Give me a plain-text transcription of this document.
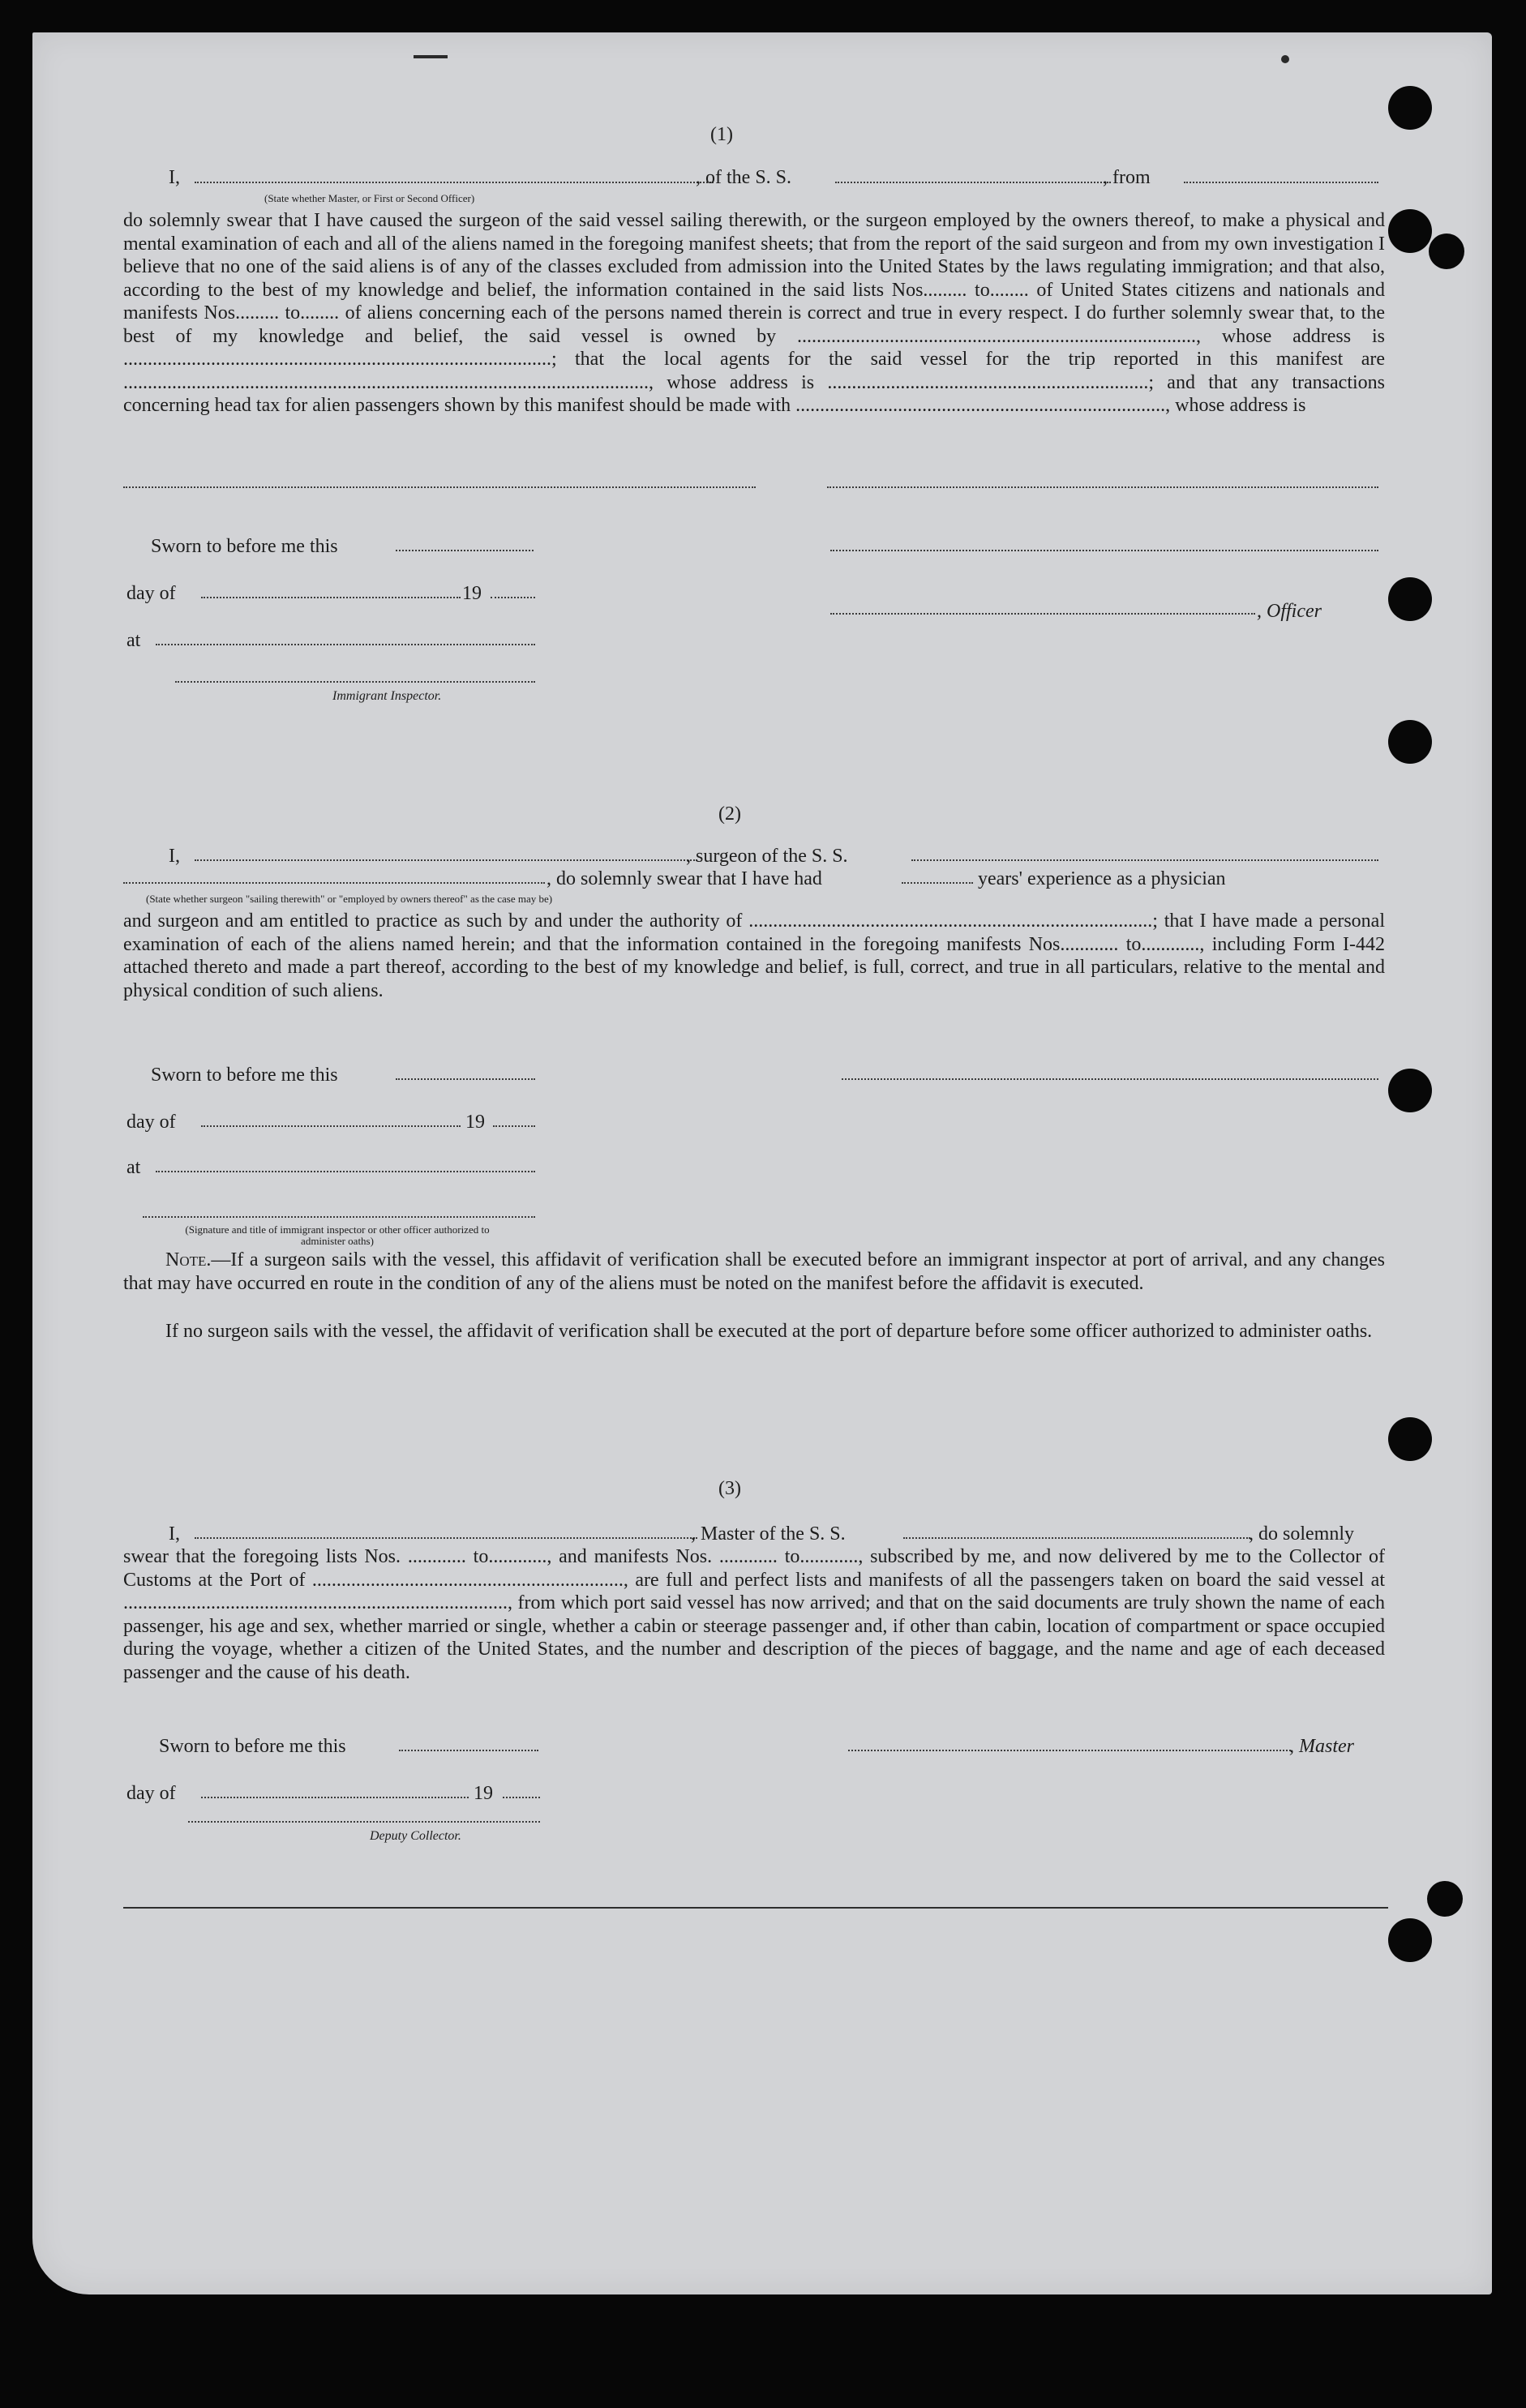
(1)
I,	, of the S. S.	, from
(State whether Master, or First or Second Officer)
do solemnly swear that I have caused the surgeon of the said vessel sailing therewith, or the surgeon employed by the owners thereof, to make a physical and mental examination of each and all of the aliens named in the foregoing manifest sheets; that from the report of the said surgeon and from my own investigation I believe that no one of the said aliens is of any of the classes excluded from admission into the United States by the laws regulating immigration; and that also, according to the best of my knowledge and belief, the information contained in the said lists Nos......... to........ of United States citizens and nationals and manifests Nos......... to........ of aliens concerning each of the persons named therein is correct and true in every respect. I do further solemnly swear that, to the best of my knowledge and belief, the said vessel is owned by .................................................................................., whose address is ........................................................................................; that the local agents for the said vessel for the trip reported in this manifest are ............................................................................................................, whose address is ..................................................................; and that any transactions concerning head tax for alien passengers shown by this manifest should be made with ............................................................................, whose address is
Sworn to before me this
day of	19
, Officer
at
Immigrant Inspector.
(2)
I,	, surgeon of the S. S.
, do solemnly swear that I have had	years' experience as a physician
(State whether surgeon "sailing therewith" or "employed by owners thereof" as the case may be)
and surgeon and am entitled to practice as such by and under the authority of ...................................................................................; that I have made a personal examination of each of the aliens named herein; and that the information contained in the foregoing manifests Nos............ to............, including Form I-442 attached thereto and made a part thereof, according to the best of my knowledge and belief, is full, correct, and true in all particulars, relative to the mental and physical condition of such aliens.
Sworn to before me this
day of	19
at
(Signature and title of immigrant inspector or other officer authorized to administer oaths)
Note.—If a surgeon sails with the vessel, this affidavit of verification shall be executed before an immigrant inspector at port of arrival, and any changes that may have occurred en route in the condition of any of the aliens must be noted on the manifest before the affidavit is executed.
If no surgeon sails with the vessel, the affidavit of verification shall be executed at the port of departure before some officer authorized to administer oaths.
(3)
I,	, Master of the S. S.	, do solemnly
swear that the foregoing lists Nos. ............ to............, and manifests Nos. ............ to............, subscribed by me, and now delivered by me to the Collector of Customs at the Port of ................................................................, are full and perfect lists and manifests of all the passengers taken on board the said vessel at ..............................................................................., from which port said vessel has now arrived; and that on the said documents are truly shown the name of each passenger, his age and sex, whether married or single, whether a cabin or steerage passenger and, if other than cabin, location of compartment or space occupied during the voyage, whether a citizen of the United States, and the number and description of the pieces of baggage, and the name and age of each deceased passenger and the cause of his death.
Sworn to before me this	, Master
day of	19
Deputy Collector.
